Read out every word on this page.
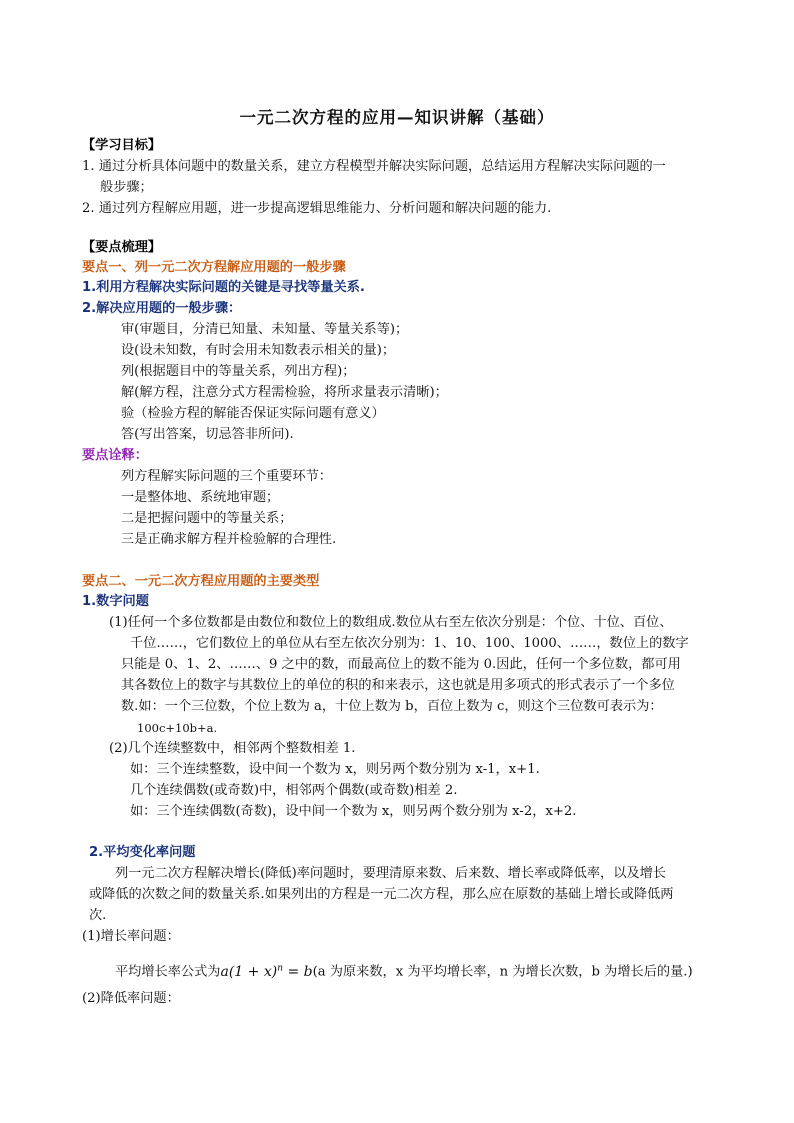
一元二次方程的应用—知识讲解（基础）
【学习目标】
1. 通过分析具体问题中的数量关系，建立方程模型并解决实际问题，总结运用方程解决实际问题的一
般步骤；
2. 通过列方程解应用题，进一步提高逻辑思维能力、分析问题和解决问题的能力.
【要点梳理】
要点一、列一元二次方程解应用题的一般步骤
1.利用方程解决实际问题的关键是寻找等量关系.
2.解决应用题的一般步骤：
审(审题目，分清已知量、未知量、等量关系等)；
设(设未知数，有时会用未知数表示相关的量)；
列(根据题目中的等量关系，列出方程)；
解(解方程，注意分式方程需检验，将所求量表示清晰)；
验（检验方程的解能否保证实际问题有意义）
答(写出答案，切忌答非所问).
要点诠释：
列方程解实际问题的三个重要环节：
一是整体地、系统地审题；
二是把握问题中的等量关系；
三是正确求解方程并检验解的合理性.
要点二、一元二次方程应用题的主要类型
1.数字问题
(1)任何一个多位数都是由数位和数位上的数组成.数位从右至左依次分别是：个位、十位、百位、
千位……，它们数位上的单位从右至左依次分别为：1、10、100、1000、……，数位上的数字
只能是 0、1、2、……、9 之中的数，而最高位上的数不能为 0.因此，任何一个多位数，都可用
其各数位上的数字与其数位上的单位的积的和来表示，这也就是用多项式的形式表示了一个多位
数.如：一个三位数，个位上数为 a，十位上数为 b，百位上数为 c，则这个三位数可表示为：
100c+10b+a.
(2)几个连续整数中，相邻两个整数相差 1.
如：三个连续整数，设中间一个数为 x，则另两个数分别为 x-1，x+1.
几个连续偶数(或奇数)中，相邻两个偶数(或奇数)相差 2.
如：三个连续偶数(奇数)，设中间一个数为 x，则另两个数分别为 x-2，x+2.
2.平均变化率问题
列一元二次方程解决增长(降低)率问题时，要理清原来数、后来数、增长率或降低率，以及增长
或降低的次数之间的数量关系.如果列出的方程是一元二次方程，那么应在原数的基础上增长或降低两
次.
(1)增长率问题：
平均增长率公式为$a(1 + x)^n = b(a$ 为原来数，x 为平均增长率，n 为增长次数，b 为增长后的量.)
(2)降低率问题：
